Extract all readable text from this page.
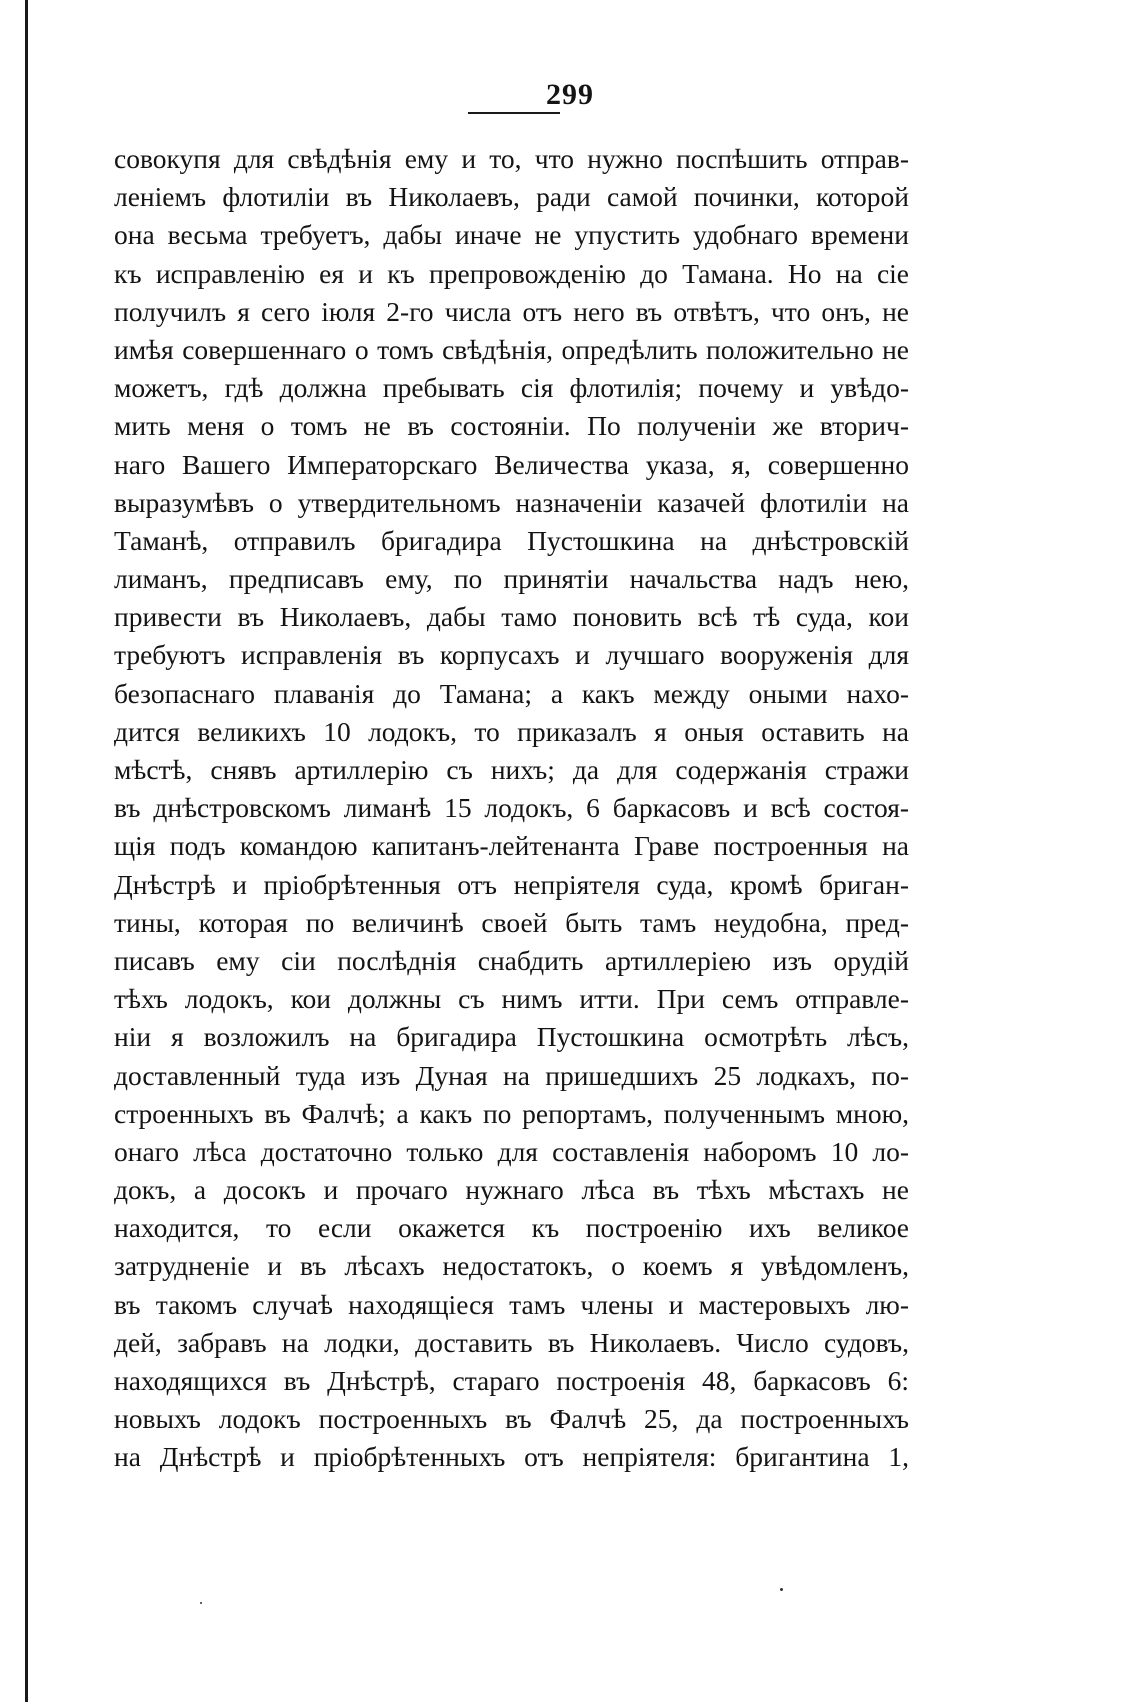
299
совокупя для свѣдѣнія ему и то, что нужно поспѣшить отправ-
леніемъ флотиліи въ Николаевъ, ради самой починки, которой
она весьма требуетъ, дабы иначе не упустить удобнаго времени
къ исправленію ея и къ препровожденію до Тамана. Но на сіе
получилъ я сего іюля 2-го числа отъ него въ отвѣтъ, что онъ, не
имѣя совершеннаго о томъ свѣдѣнія, опредѣлить положительно не
можетъ, гдѣ должна пребывать сія флотилія; почему и увѣдо-
мить меня о томъ не въ состояніи. По полученіи же вторич-
наго Вашего Императорскаго Величества указа, я, совершенно
выразумѣвъ о утвердительномъ назначеніи казачей флотиліи на
Таманѣ, отправилъ бригадира Пустошкина на днѣстровскій
лиманъ, предписавъ ему, по принятіи начальства надъ нею,
привести въ Николаевъ, дабы тамо поновить всѣ тѣ суда, кои
требуютъ исправленія въ корпусахъ и лучшаго вооруженія для
безопаснаго плаванія до Тамана; а какъ между оными нахо-
дится великихъ 10 лодокъ, то приказалъ я оныя оставить на
мѣстѣ, снявъ артиллерію съ нихъ; да для содержанія стражи
въ днѣстровскомъ лиманѣ 15 лодокъ, 6 баркасовъ и всѣ состоя-
щія подъ командою капитанъ-лейтенанта Граве построенныя на
Днѣстрѣ и пріобрѣтенныя отъ непріятеля суда, кромѣ бриган-
тины, которая по величинѣ своей быть тамъ неудобна, пред-
писавъ ему сіи послѣднія снабдить артиллеріею изъ орудій
тѣхъ лодокъ, кои должны съ нимъ итти. При семъ отправле-
ніи я возложилъ на бригадира Пустошкина осмотрѣть лѣсъ,
доставленный туда изъ Дуная на пришедшихъ 25 лодкахъ, по-
строенныхъ въ Фалчѣ; а какъ по репортамъ, полученнымъ мною,
онаго лѣса достаточно только для составленія наборомъ 10 ло-
докъ, а досокъ и прочаго нужнаго лѣса въ тѣхъ мѣстахъ не
находится, то если окажется къ построенію ихъ великое
затрудненіе и въ лѣсахъ недостатокъ, о коемъ я увѣдомленъ,
въ такомъ случаѣ находящіеся тамъ члены и мастеровыхъ лю-
дей, забравъ на лодки, доставить въ Николаевъ. Число судовъ,
находящихся въ Днѣстрѣ, стараго построенія 48, баркасовъ 6:
новыхъ лодокъ построенныхъ въ Фалчѣ 25, да построенныхъ
на Днѣстрѣ и пріобрѣтенныхъ отъ непріятеля: бригантина 1,
